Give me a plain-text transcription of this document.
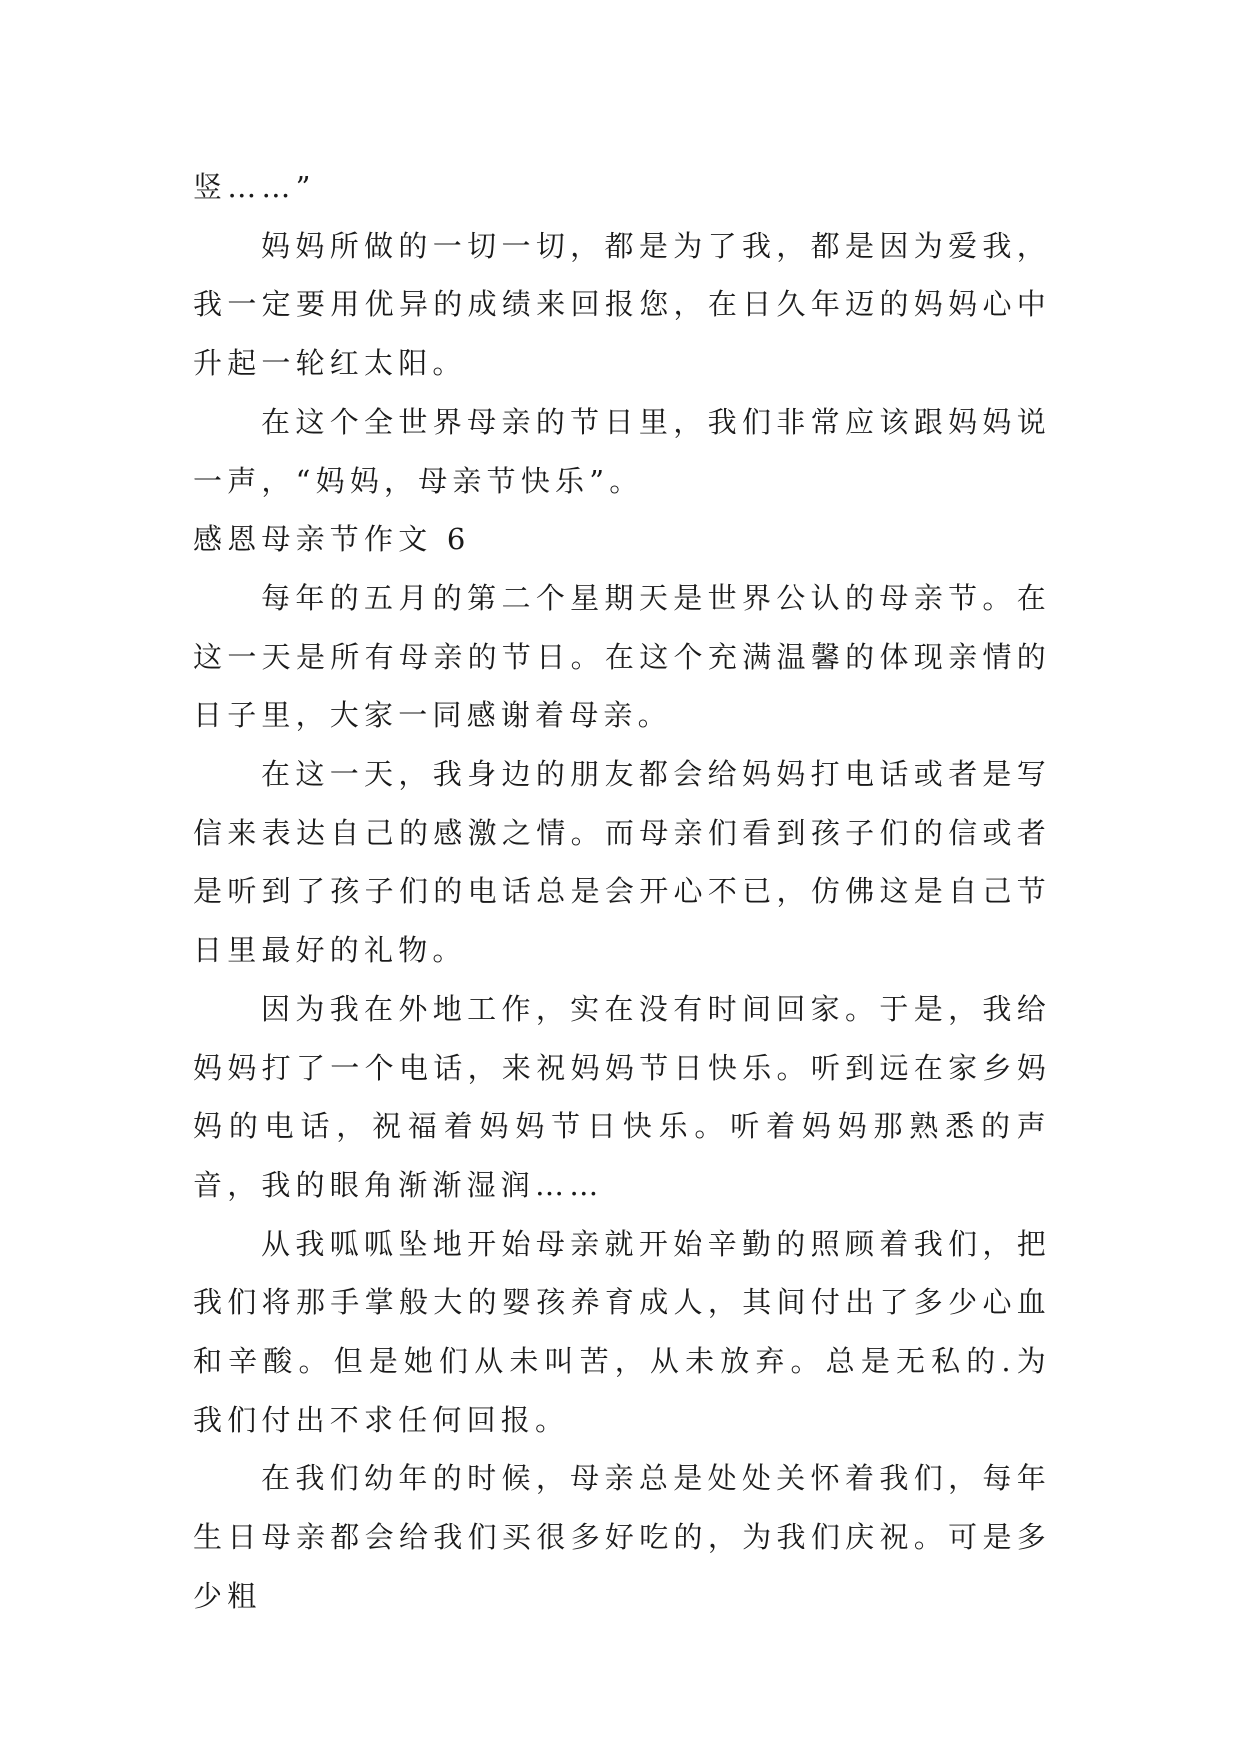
竖……”
妈妈所做的一切一切，都是为了我，都是因为爱我，我一定要用优异的成绩来回报您，在日久年迈的妈妈心中升起一轮红太阳。
在这个全世界母亲的节日里，我们非常应该跟妈妈说一声，“妈妈，母亲节快乐”。
感恩母亲节作文 6
每年的五月的第二个星期天是世界公认的母亲节。在这一天是所有母亲的节日。在这个充满温馨的体现亲情的日子里，大家一同感谢着母亲。
在这一天，我身边的朋友都会给妈妈打电话或者是写信来表达自己的感激之情。而母亲们看到孩子们的信或者是听到了孩子们的电话总是会开心不已，仿佛这是自己节日里最好的礼物。
因为我在外地工作，实在没有时间回家。于是，我给妈妈打了一个电话，来祝妈妈节日快乐。听到远在家乡妈妈的电话，祝福着妈妈节日快乐。听着妈妈那熟悉的声音，我的眼角渐渐湿润……
从我呱呱坠地开始母亲就开始辛勤的照顾着我们，把我们将那手掌般大的婴孩养育成人，其间付出了多少心血和辛酸。但是她们从未叫苦，从未放弃。总是无私的.为我们付出不求任何回报。
在我们幼年的时候，母亲总是处处关怀着我们，每年生日母亲都会给我们买很多好吃的，为我们庆祝。可是多少粗
